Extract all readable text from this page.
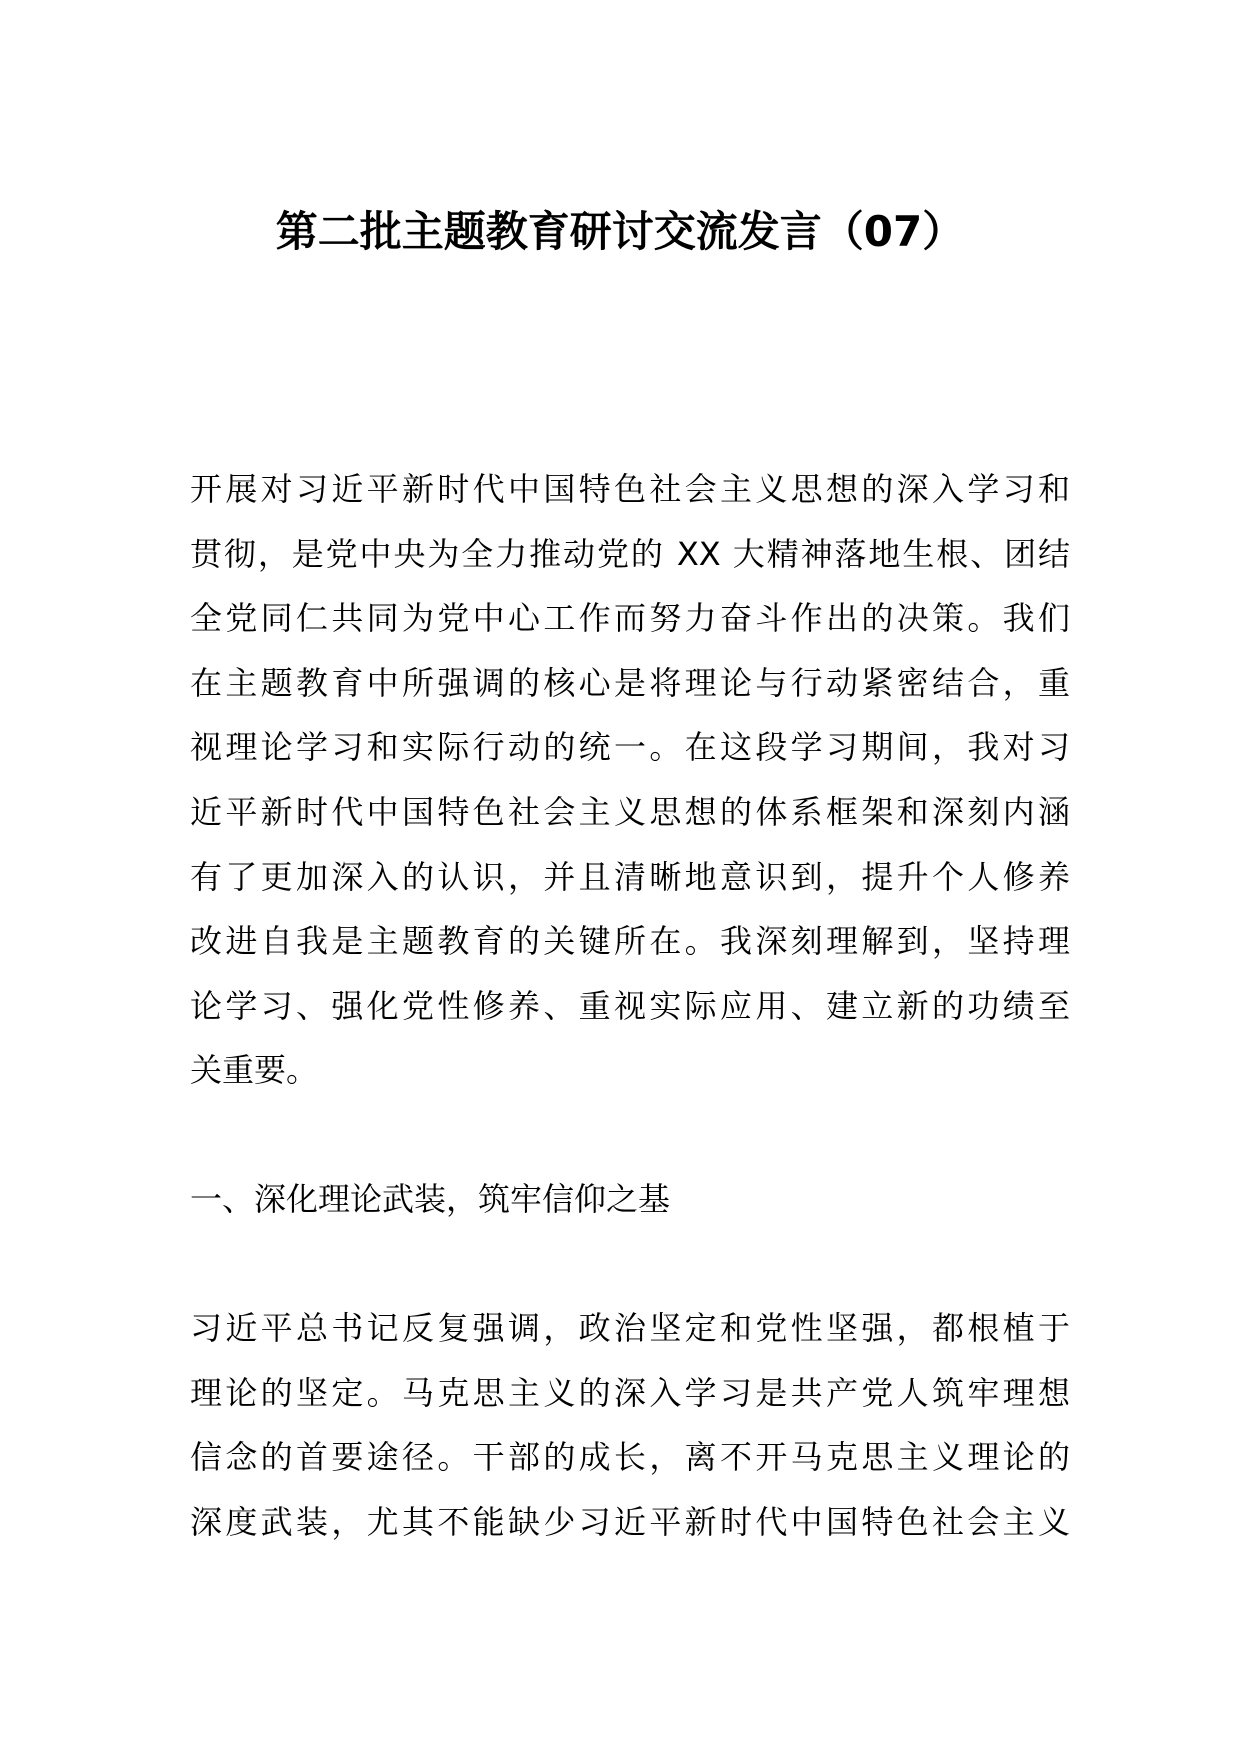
第二批主题教育研讨交流发言（07）
开展对习近平新时代中国特色社会主义思想的深入学习和
贯彻，是党中央为全力推动党的 XX 大精神落地生根、团结
全党同仁共同为党中心工作而努力奋斗作出的决策。我们
在主题教育中所强调的核心是将理论与行动紧密结合，重
视理论学习和实际行动的统一。在这段学习期间，我对习
近平新时代中国特色社会主义思想的体系框架和深刻内涵
有了更加深入的认识，并且清晰地意识到，提升个人修养
改进自我是主题教育的关键所在。我深刻理解到，坚持理
论学习、强化党性修养、重视实际应用、建立新的功绩至
关重要。
一、深化理论武装，筑牢信仰之基
习近平总书记反复强调，政治坚定和党性坚强，都根植于
理论的坚定。马克思主义的深入学习是共产党人筑牢理想
信念的首要途径。干部的成长，离不开马克思主义理论的
深度武装，尤其不能缺少习近平新时代中国特色社会主义
